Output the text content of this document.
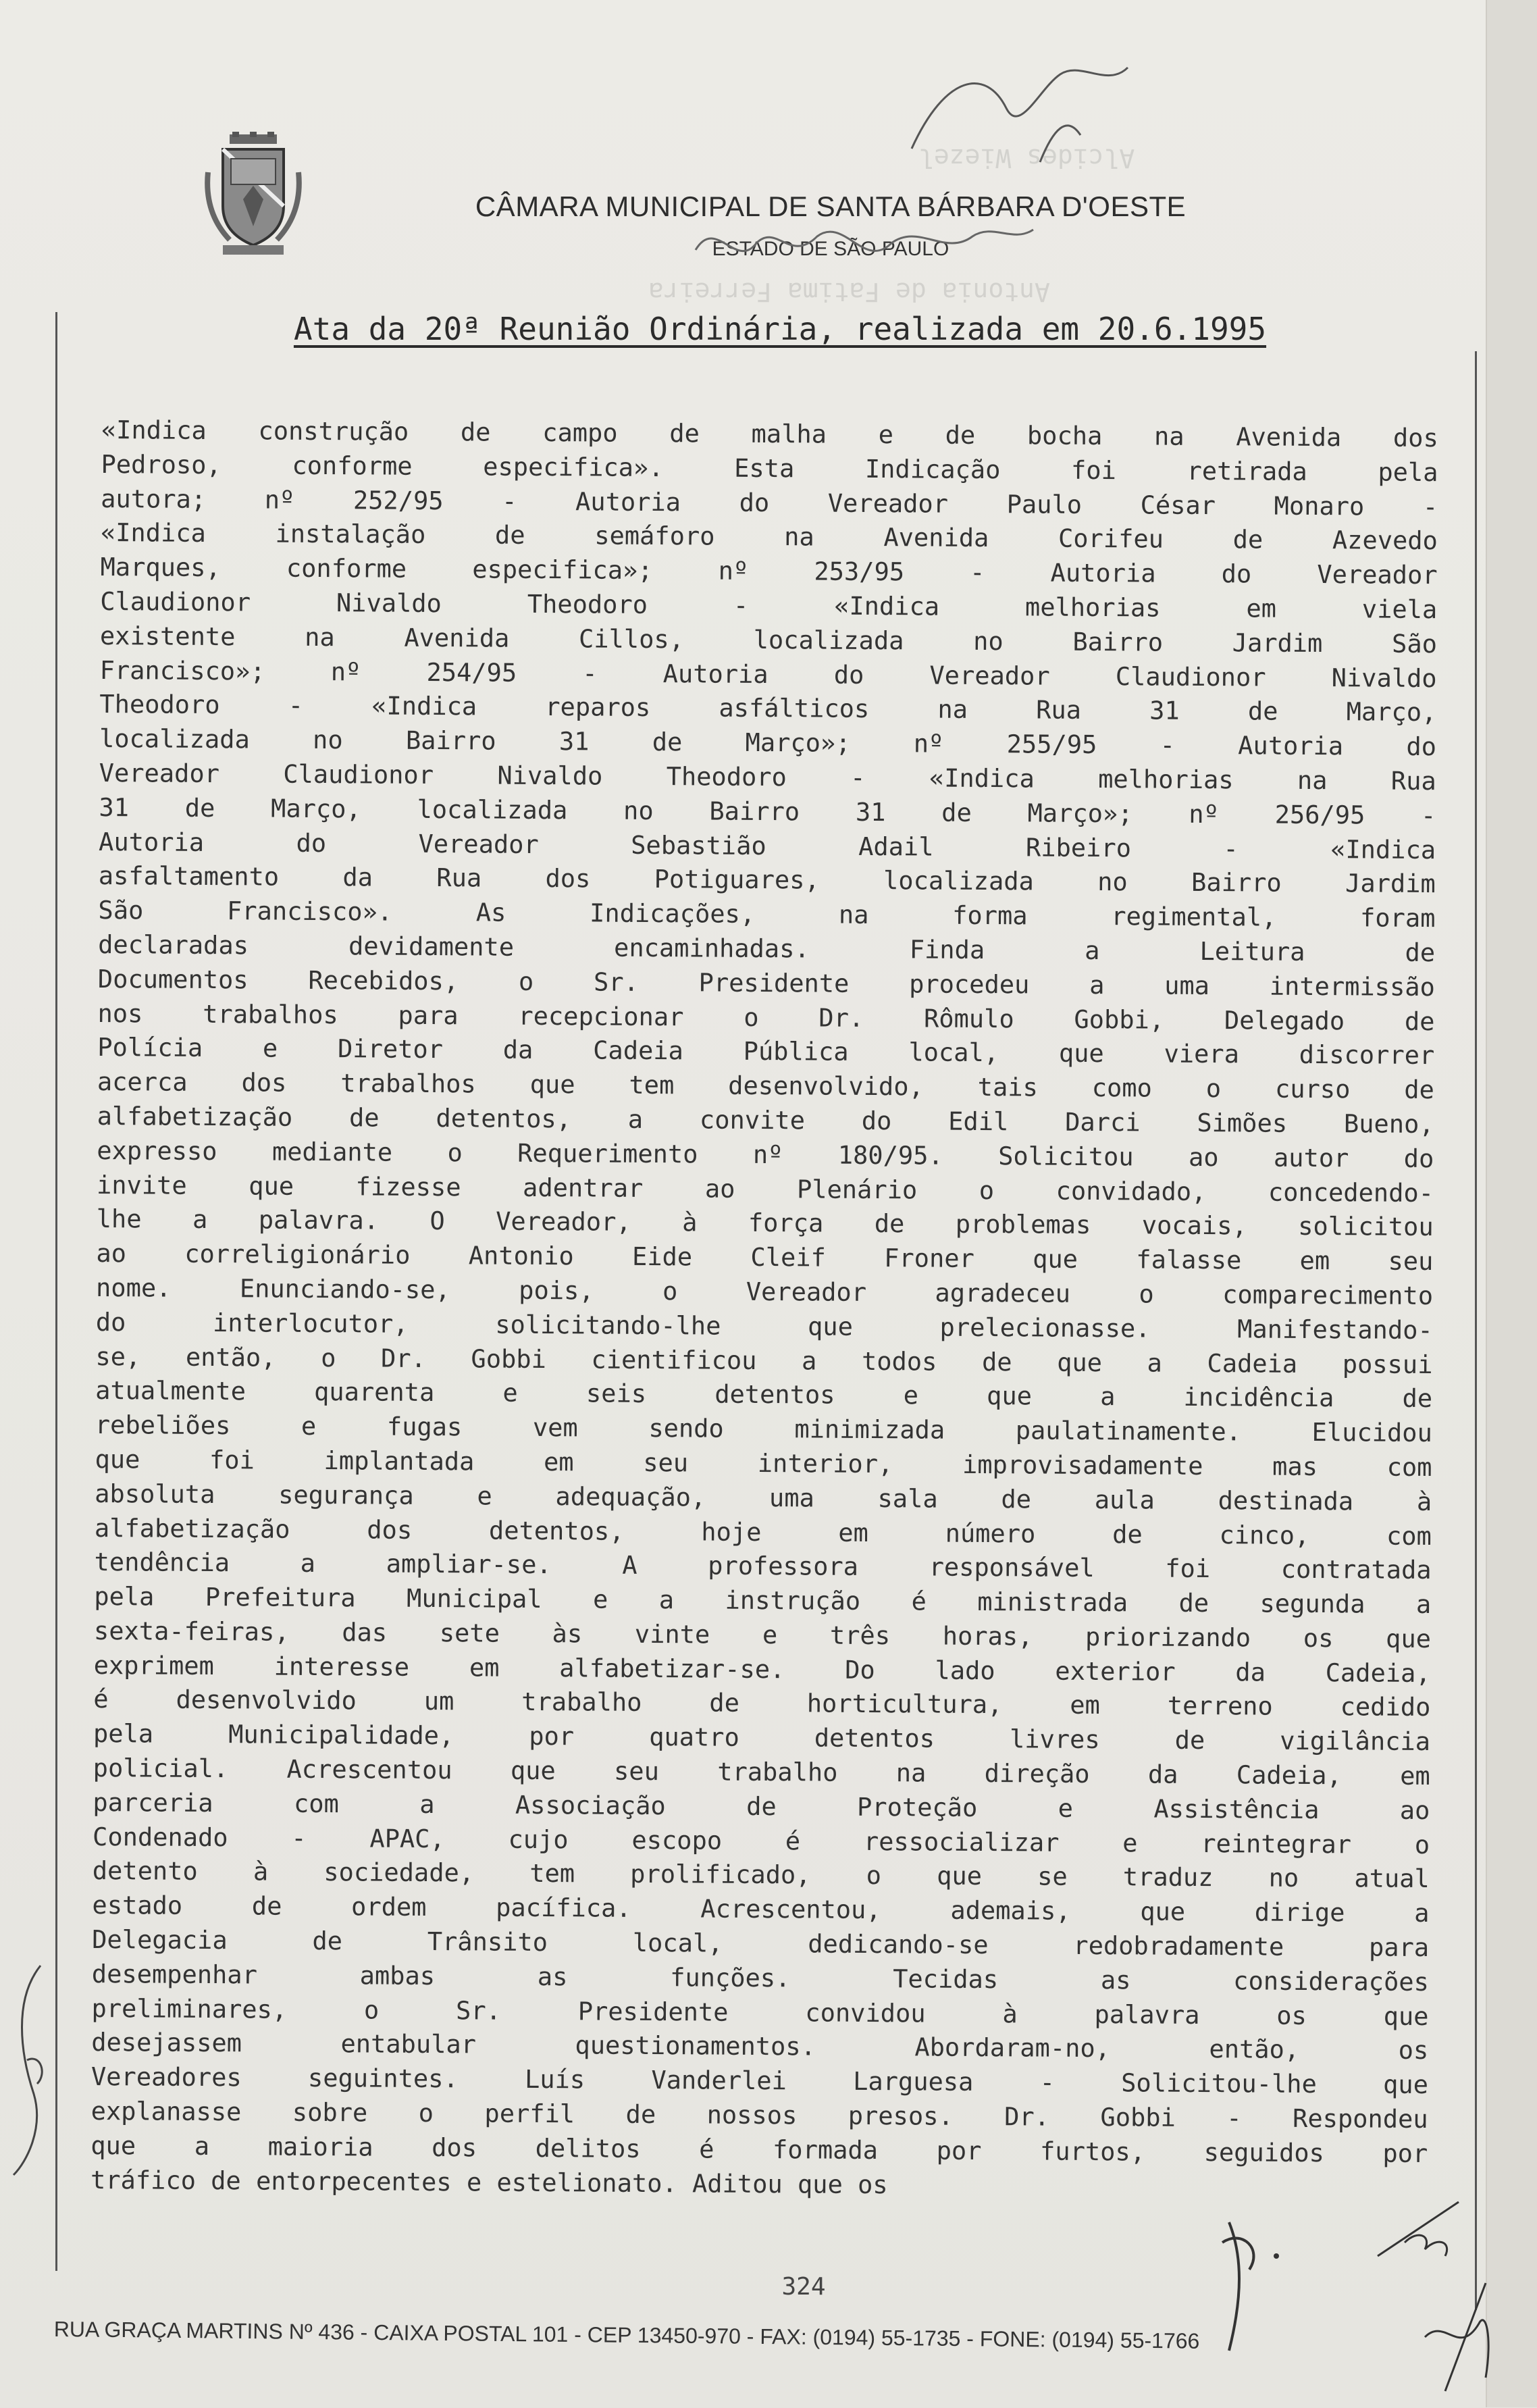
Alcides Wiezel
Antonia de Fatima Ferreira
CÂMARA MUNICIPAL DE SANTA BÁRBARA D'OESTE
ESTADO DE SÃO PAULO
Ata da 20ª Reunião Ordinária, realizada em 20.6.1995
«Indica construção de campo de malha e de bocha na Avenida dos
Pedroso, conforme especifica». Esta Indicação foi retirada pela
autora; nº 252/95 - Autoria do Vereador Paulo César Monaro -
«Indica instalação de semáforo na Avenida Corifeu de Azevedo
Marques, conforme especifica»; nº 253/95 - Autoria do Vereador
Claudionor Nivaldo Theodoro - «Indica melhorias em viela
existente na Avenida Cillos, localizada no Bairro Jardim São
Francisco»; nº 254/95 - Autoria do Vereador Claudionor Nivaldo
Theodoro - «Indica reparos asfálticos na Rua 31 de Março,
localizada no Bairro 31 de Março»; nº 255/95 - Autoria do
Vereador Claudionor Nivaldo Theodoro - «Indica melhorias na Rua
31 de Março, localizada no Bairro 31 de Março»; nº 256/95 -
Autoria do Vereador Sebastião Adail Ribeiro - «Indica
asfaltamento da Rua dos Potiguares, localizada no Bairro Jardim
São Francisco». As Indicações, na forma regimental, foram
declaradas devidamente encaminhadas. Finda a Leitura de
Documentos Recebidos, o Sr. Presidente procedeu a uma intermissão
nos trabalhos para recepcionar o Dr. Rômulo Gobbi, Delegado de
Polícia e Diretor da Cadeia Pública local, que viera discorrer
acerca dos trabalhos que tem desenvolvido, tais como o curso de
alfabetização de detentos, a convite do Edil Darci Simões Bueno,
expresso mediante o Requerimento nº 180/95. Solicitou ao autor do
invite que fizesse adentrar ao Plenário o convidado, concedendo-
lhe a palavra. O Vereador, à força de problemas vocais, solicitou
ao correligionário Antonio Eide Cleif Froner que falasse em seu
nome. Enunciando-se, pois, o Vereador agradeceu o comparecimento
do interlocutor, solicitando-lhe que prelecionasse. Manifestando-
se, então, o Dr. Gobbi cientificou a todos de que a Cadeia possui
atualmente quarenta e seis detentos e que a incidência de
rebeliões e fugas vem sendo minimizada paulatinamente. Elucidou
que foi implantada em seu interior, improvisadamente mas com
absoluta segurança e adequação, uma sala de aula destinada à
alfabetização dos detentos, hoje em número de cinco, com
tendência a ampliar-se. A professora responsável foi contratada
pela Prefeitura Municipal e a instrução é ministrada de segunda a
sexta-feiras, das sete às vinte e três horas, priorizando os que
exprimem interesse em alfabetizar-se. Do lado exterior da Cadeia,
é desenvolvido um trabalho de horticultura, em terreno cedido
pela Municipalidade, por quatro detentos livres de vigilância
policial. Acrescentou que seu trabalho na direção da Cadeia, em
parceria com a Associação de Proteção e Assistência ao
Condenado - APAC, cujo escopo é ressocializar e reintegrar o
detento à sociedade, tem prolificado, o que se traduz no atual
estado de ordem pacífica. Acrescentou, ademais, que dirige a
Delegacia de Trânsito local, dedicando-se redobradamente para
desempenhar ambas as funções. Tecidas as considerações
preliminares, o Sr. Presidente convidou à palavra os que
desejassem entabular questionamentos. Abordaram-no, então, os
Vereadores seguintes. Luís Vanderlei Larguesa - Solicitou-lhe que
explanasse sobre o perfil de nossos presos. Dr. Gobbi - Respondeu
que a maioria dos delitos é formada por furtos, seguidos por
tráfico de entorpecentes e estelionato. Aditou que os
324
RUA GRAÇA MARTINS Nº 436 - CAIXA POSTAL 101 - CEP 13450-970 - FAX: (0194) 55-1735 - FONE: (0194) 55-1766
